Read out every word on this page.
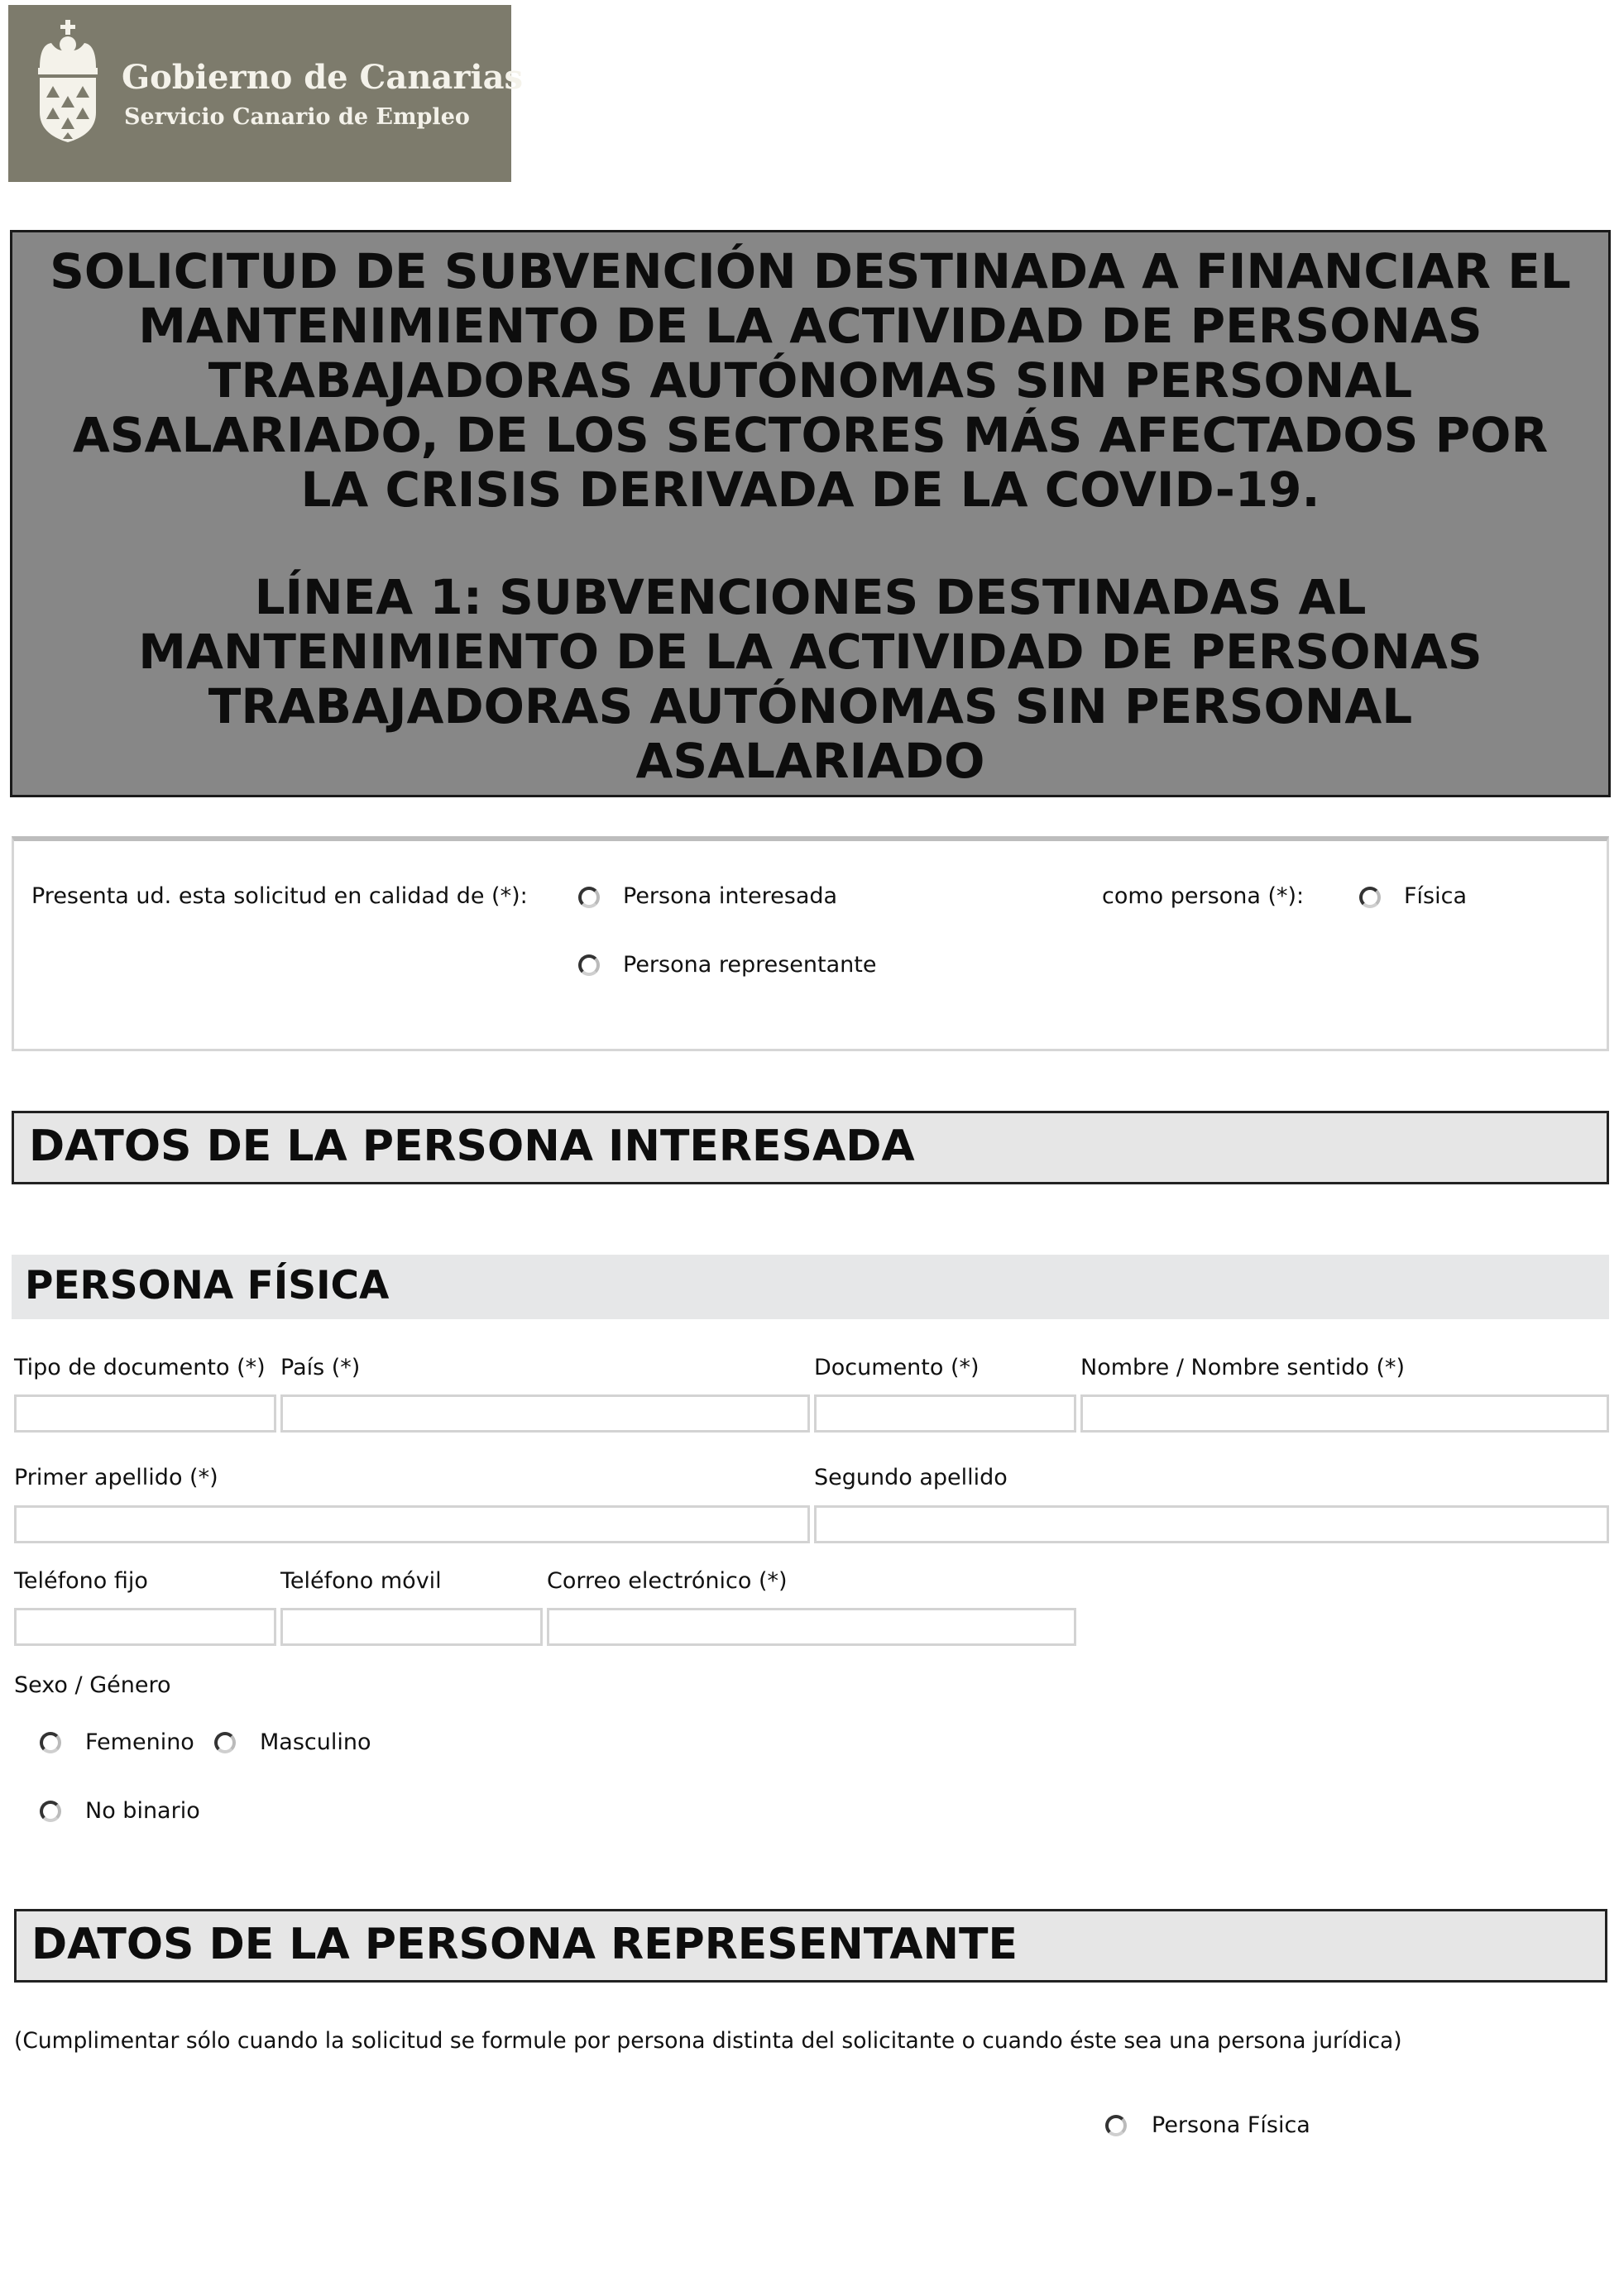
Gobierno de Canarias
Servicio Canario de Empleo
SOLICITUD DE SUBVENCIÓN DESTINADA A FINANCIAR EL
MANTENIMIENTO DE LA ACTIVIDAD DE PERSONAS
TRABAJADORAS AUTÓNOMAS SIN PERSONAL
ASALARIADO, DE LOS SECTORES MÁS AFECTADOS POR
LA CRISIS DERIVADA DE LA COVID-19.
LÍNEA 1: SUBVENCIONES DESTINADAS AL
MANTENIMIENTO DE LA ACTIVIDAD DE PERSONAS
TRABAJADORAS AUTÓNOMAS SIN PERSONAL
ASALARIADO
Presenta ud. esta solicitud en calidad de (*):	Persona interesada
Persona representante
como persona (*):	Física
DATOS DE LA PERSONA INTERESADA
PERSONA FÍSICA
Tipo de documento (*) País (*)	Documento (*)	Nombre / Nombre sentido (*)
Primer apellido (*)	Segundo apellido
Teléfono fijo	Teléfono móvil	Correo electrónico (*)
Sexo / Género
Femenino	Masculino
No binario
DATOS DE LA PERSONA REPRESENTANTE
(Cumplimentar sólo cuando la solicitud se formule por persona distinta del solicitante o cuando éste sea una persona jurídica)
Persona Física
